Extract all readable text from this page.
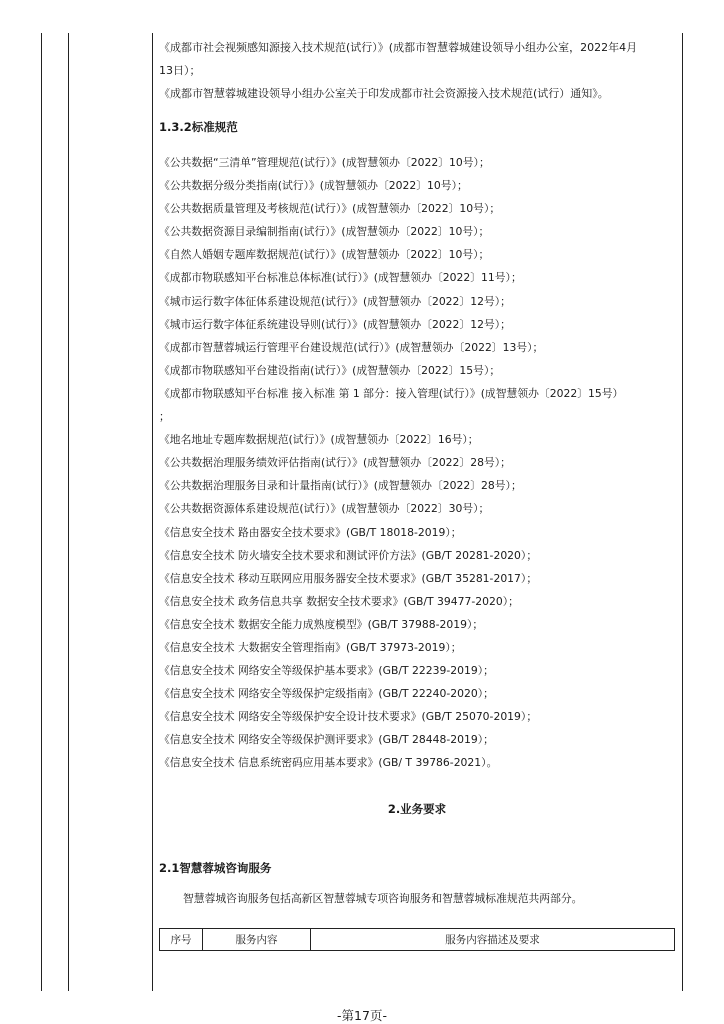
《成都市社会视频感知源接入技术规范(试行）》(成都市智慧蓉城建设领导小组办公室，2022年4月
13日）；
《成都市智慧蓉城建设领导小组办公室关于印发成都市社会资源接入技术规范(试行）通知》。
1.3.2标准规范
《公共数据“三清单”管理规范(试行）》(成智慧领办〔2022〕10号）；
《公共数据分级分类指南(试行）》(成智慧领办〔2022〕10号）；
《公共数据质量管理及考核规范(试行）》(成智慧领办〔2022〕10号）；
《公共数据资源目录编制指南(试行）》(成智慧领办〔2022〕10号）；
《自然人婚姻专题库数据规范(试行）》(成智慧领办〔2022〕10号）；
《成都市物联感知平台标准总体标准(试行）》(成智慧领办〔2022〕11号）；
《城市运行数字体征体系建设规范(试行）》(成智慧领办〔2022〕12号）；
《城市运行数字体征系统建设导则(试行）》(成智慧领办〔2022〕12号）；
《成都市智慧蓉城运行管理平台建设规范(试行）》(成智慧领办〔2022〕13号）；
《成都市物联感知平台建设指南(试行）》(成智慧领办〔2022〕15号）；
《成都市物联感知平台标准 接入标准 第 1 部分：接入管理(试行）》(成智慧领办〔2022〕15号）
；
《地名地址专题库数据规范(试行）》(成智慧领办〔2022〕16号）；
《公共数据治理服务绩效评估指南(试行）》(成智慧领办〔2022〕28号）；
《公共数据治理服务目录和计量指南(试行）》(成智慧领办〔2022〕28号）；
《公共数据资源体系建设规范(试行）》(成智慧领办〔2022〕30号）；
《信息安全技术 路由器安全技术要求》(GB/T 18018-2019）；
《信息安全技术 防火墙安全技术要求和测试评价方法》(GB/T 20281-2020）；
《信息安全技术 移动互联网应用服务器安全技术要求》(GB/T 35281-2017）；
《信息安全技术 政务信息共享 数据安全技术要求》(GB/T 39477-2020）；
《信息安全技术 数据安全能力成熟度模型》(GB/T 37988-2019）；
《信息安全技术 大数据安全管理指南》(GB/T 37973-2019）；
《信息安全技术 网络安全等级保护基本要求》(GB/T 22239-2019）；
《信息安全技术 网络安全等级保护定级指南》(GB/T 22240-2020）；
《信息安全技术 网络安全等级保护安全设计技术要求》(GB/T 25070-2019）；
《信息安全技术 网络安全等级保护测评要求》(GB/T 28448-2019）；
《信息安全技术 信息系统密码应用基本要求》(GB/ T 39786-2021）。
2.业务要求
2.1智慧蓉城咨询服务
智慧蓉城咨询服务包括高新区智慧蓉城专项咨询服务和智慧蓉城标准规范共两部分。
序号	服务内容	服务内容描述及要求
-第17页-
